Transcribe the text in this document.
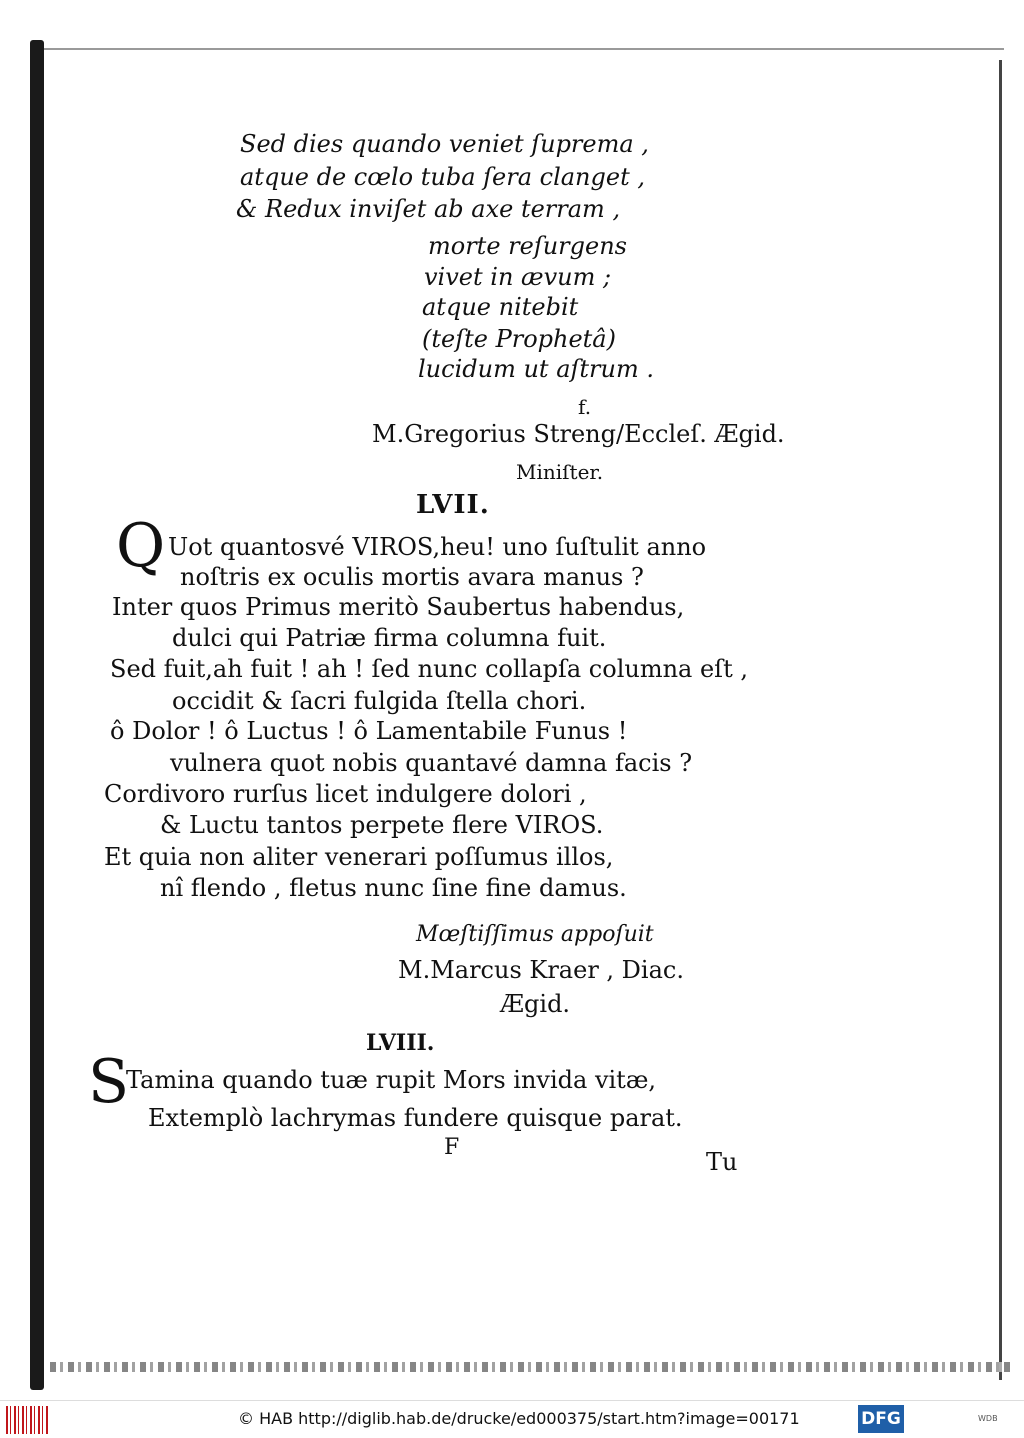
Sed dies quando veniet ſuprema ,
atque de cœlo tuba ſera clanget ,
& Redux inviſet ab axe terram ,
morte reſurgens
vivet in ævum ;
atque nitebit
(teſte Prophetâ)
lucidum ut aſtrum .
f.
M.Gregorius Streng/Eccleſ. Ægid.
Miniſter.
LVII.
Q Uot quantosvé VIROS,heu! uno ſuſtulit anno
noſtris ex oculis mortis avara manus ?
Inter quos Primus meritò Saubertus habendus,
dulci qui Patriæ firma columna fuit.
Sed fuit,ah fuit ! ah ! ſed nunc collapſa columna eſt ,
occidit & ſacri fulgida ſtella chori.
ô Dolor ! ô Luctus ! ô Lamentabile Funus !
vulnera quot nobis quantavé damna facis ?
Cordivoro rurſus licet indulgere dolori ,
& Luctu tantos perpete flere VIROS.
Et quia non aliter venerari poſſumus illos,
nî flendo , fletus nunc ſine fine damus.
Mœſtiſſimus appoſuit
M.Marcus Kraer , Diac.
Ægid.
LVIII.
S
Tamina quando tuæ rupit Mors invida vitæ,
Extemplò lachrymas fundere quisque parat.
F
Tu
© HAB http://diglib.hab.de/drucke/ed000375/start.htm?image=00171	DFG	WDB
